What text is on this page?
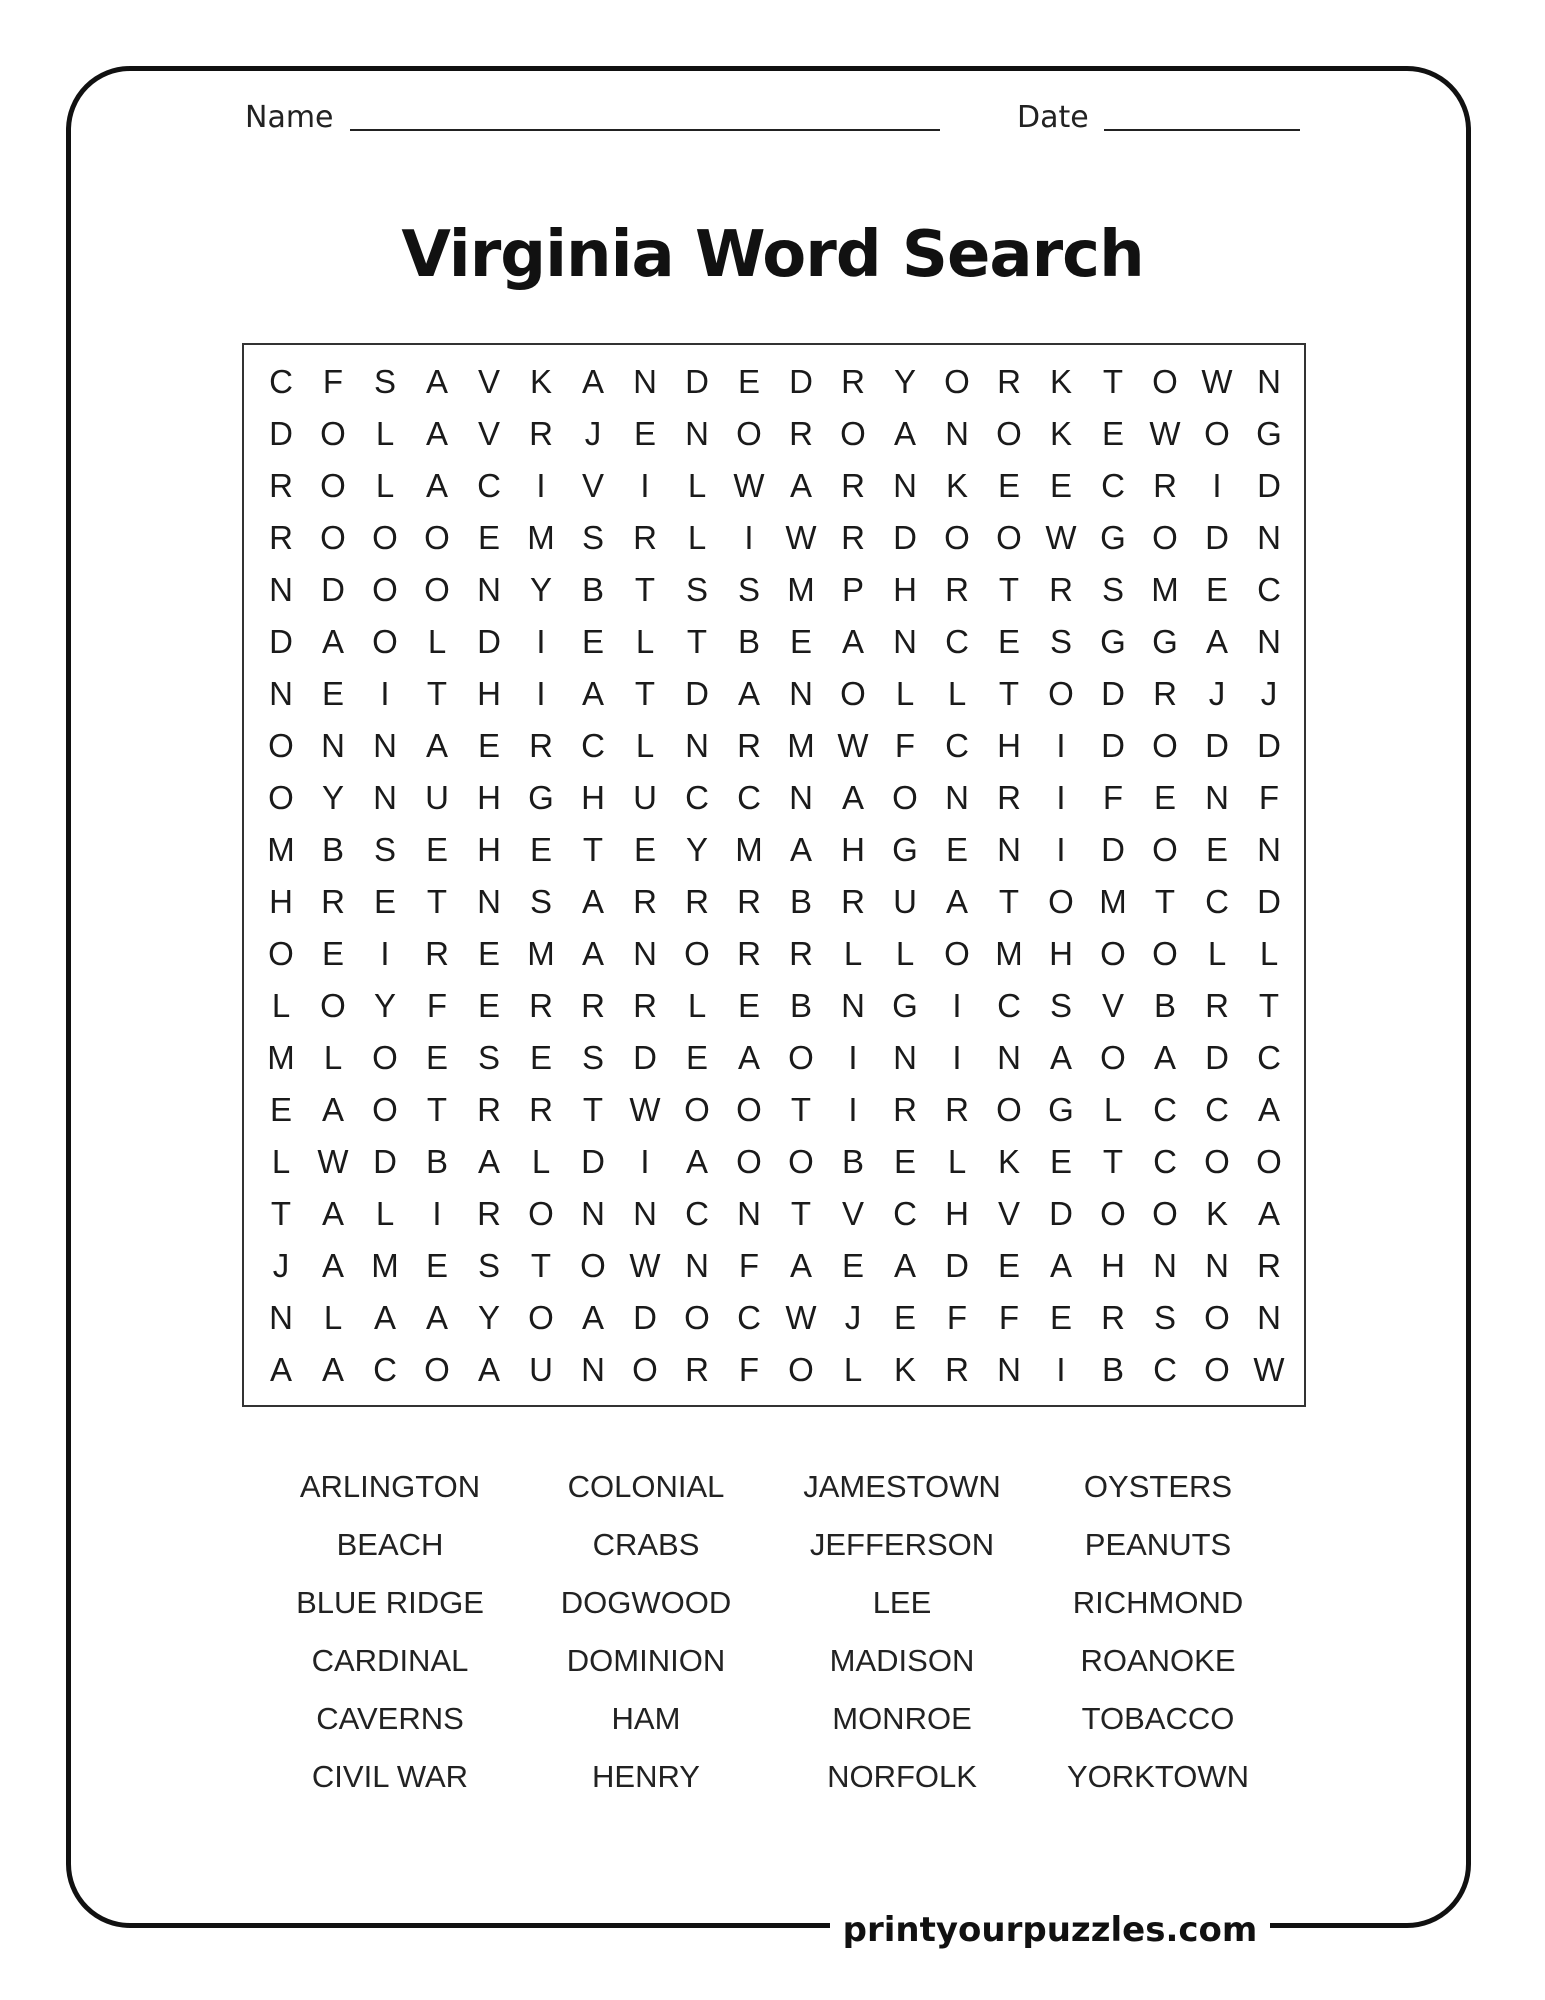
Name	Date
Virginia Word Search
C F S A V K A N D E D R Y O R K T O W N
D O L A V R J E N O R O A N O K E W O G
R O L A C	I	V	I	L W A R N K E E C R	I	D
R O O O E M S R L	I W R D O O W G O D N
N D O O N Y B T S S M P H R T R S M E C
D A O L D	I	E L T B E A N C E S G G A N
N E	I	T H	I	A T D A N O L	L T O D R J	J
O N N A E R C L N R M W F C H	I	D O D D
O Y N U H G H U C C N A O N R	I	F E N F
M B S E H E T E Y M A H G E N	I	D O E N
H R E T N S A R R R B R U A T O M T C D
O E	I	R E M A N O R R L	L O M H O O L	L
L O Y F E R R R L E B N G	I	C S V B R T
M L O E S E S D E A O	I	N	I	N A O A D C
E A O T R R T W O O T	I	R R O G L C C A
L W D B A L D	I	A O O B E L K E T C O O
T A L	I	R O N N C N T V C H V D O O K A
J A M E S T O W N F A E A D E A H N N R
N L A A Y O A D O C W J E F F E R S O N
A A C O A U N O R F O L K R N	I	B C O W
ARLINGTON	COLONIAL	JAMESTOWN	OYSTERS
BEACH	CRABS	JEFFERSON	PEANUTS
BLUE RIDGE	DOGWOOD	LEE	RICHMOND
CARDINAL	DOMINION	MADISON	ROANOKE
CAVERNS	HAM	MONROE	TOBACCO
CIVIL WAR	HENRY	NORFOLK	YORKTOWN
printyourpuzzles.com
